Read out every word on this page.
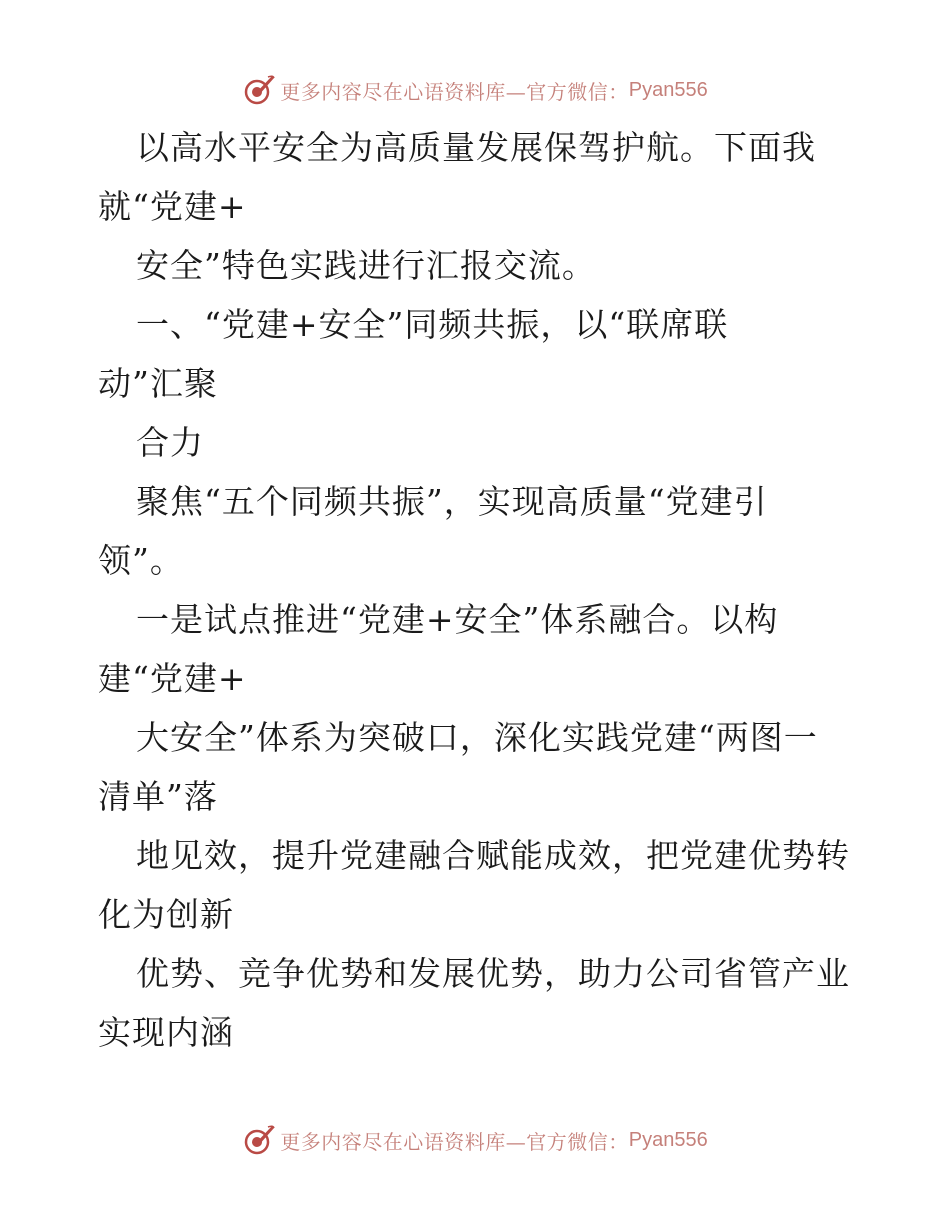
更多内容尽在心语资料库—官方微信： Pyan556
以高水平安全为高质量发展保驾护航。下面我
就“党建+
安全”特色实践进行汇报交流。
一、“党建+安全”同频共振，以“联席联
动”汇聚
合力
聚焦“五个同频共振”，实现高质量“党建引
领”。
一是试点推进“党建+安全”体系融合。以构
建“党建+
大安全”体系为突破口，深化实践党建“两图一
清单”落
地见效，提升党建融合赋能成效，把党建优势转
化为创新
优势、竞争优势和发展优势，助力公司省管产业
实现内涵
更多内容尽在心语资料库—官方微信： Pyan556
